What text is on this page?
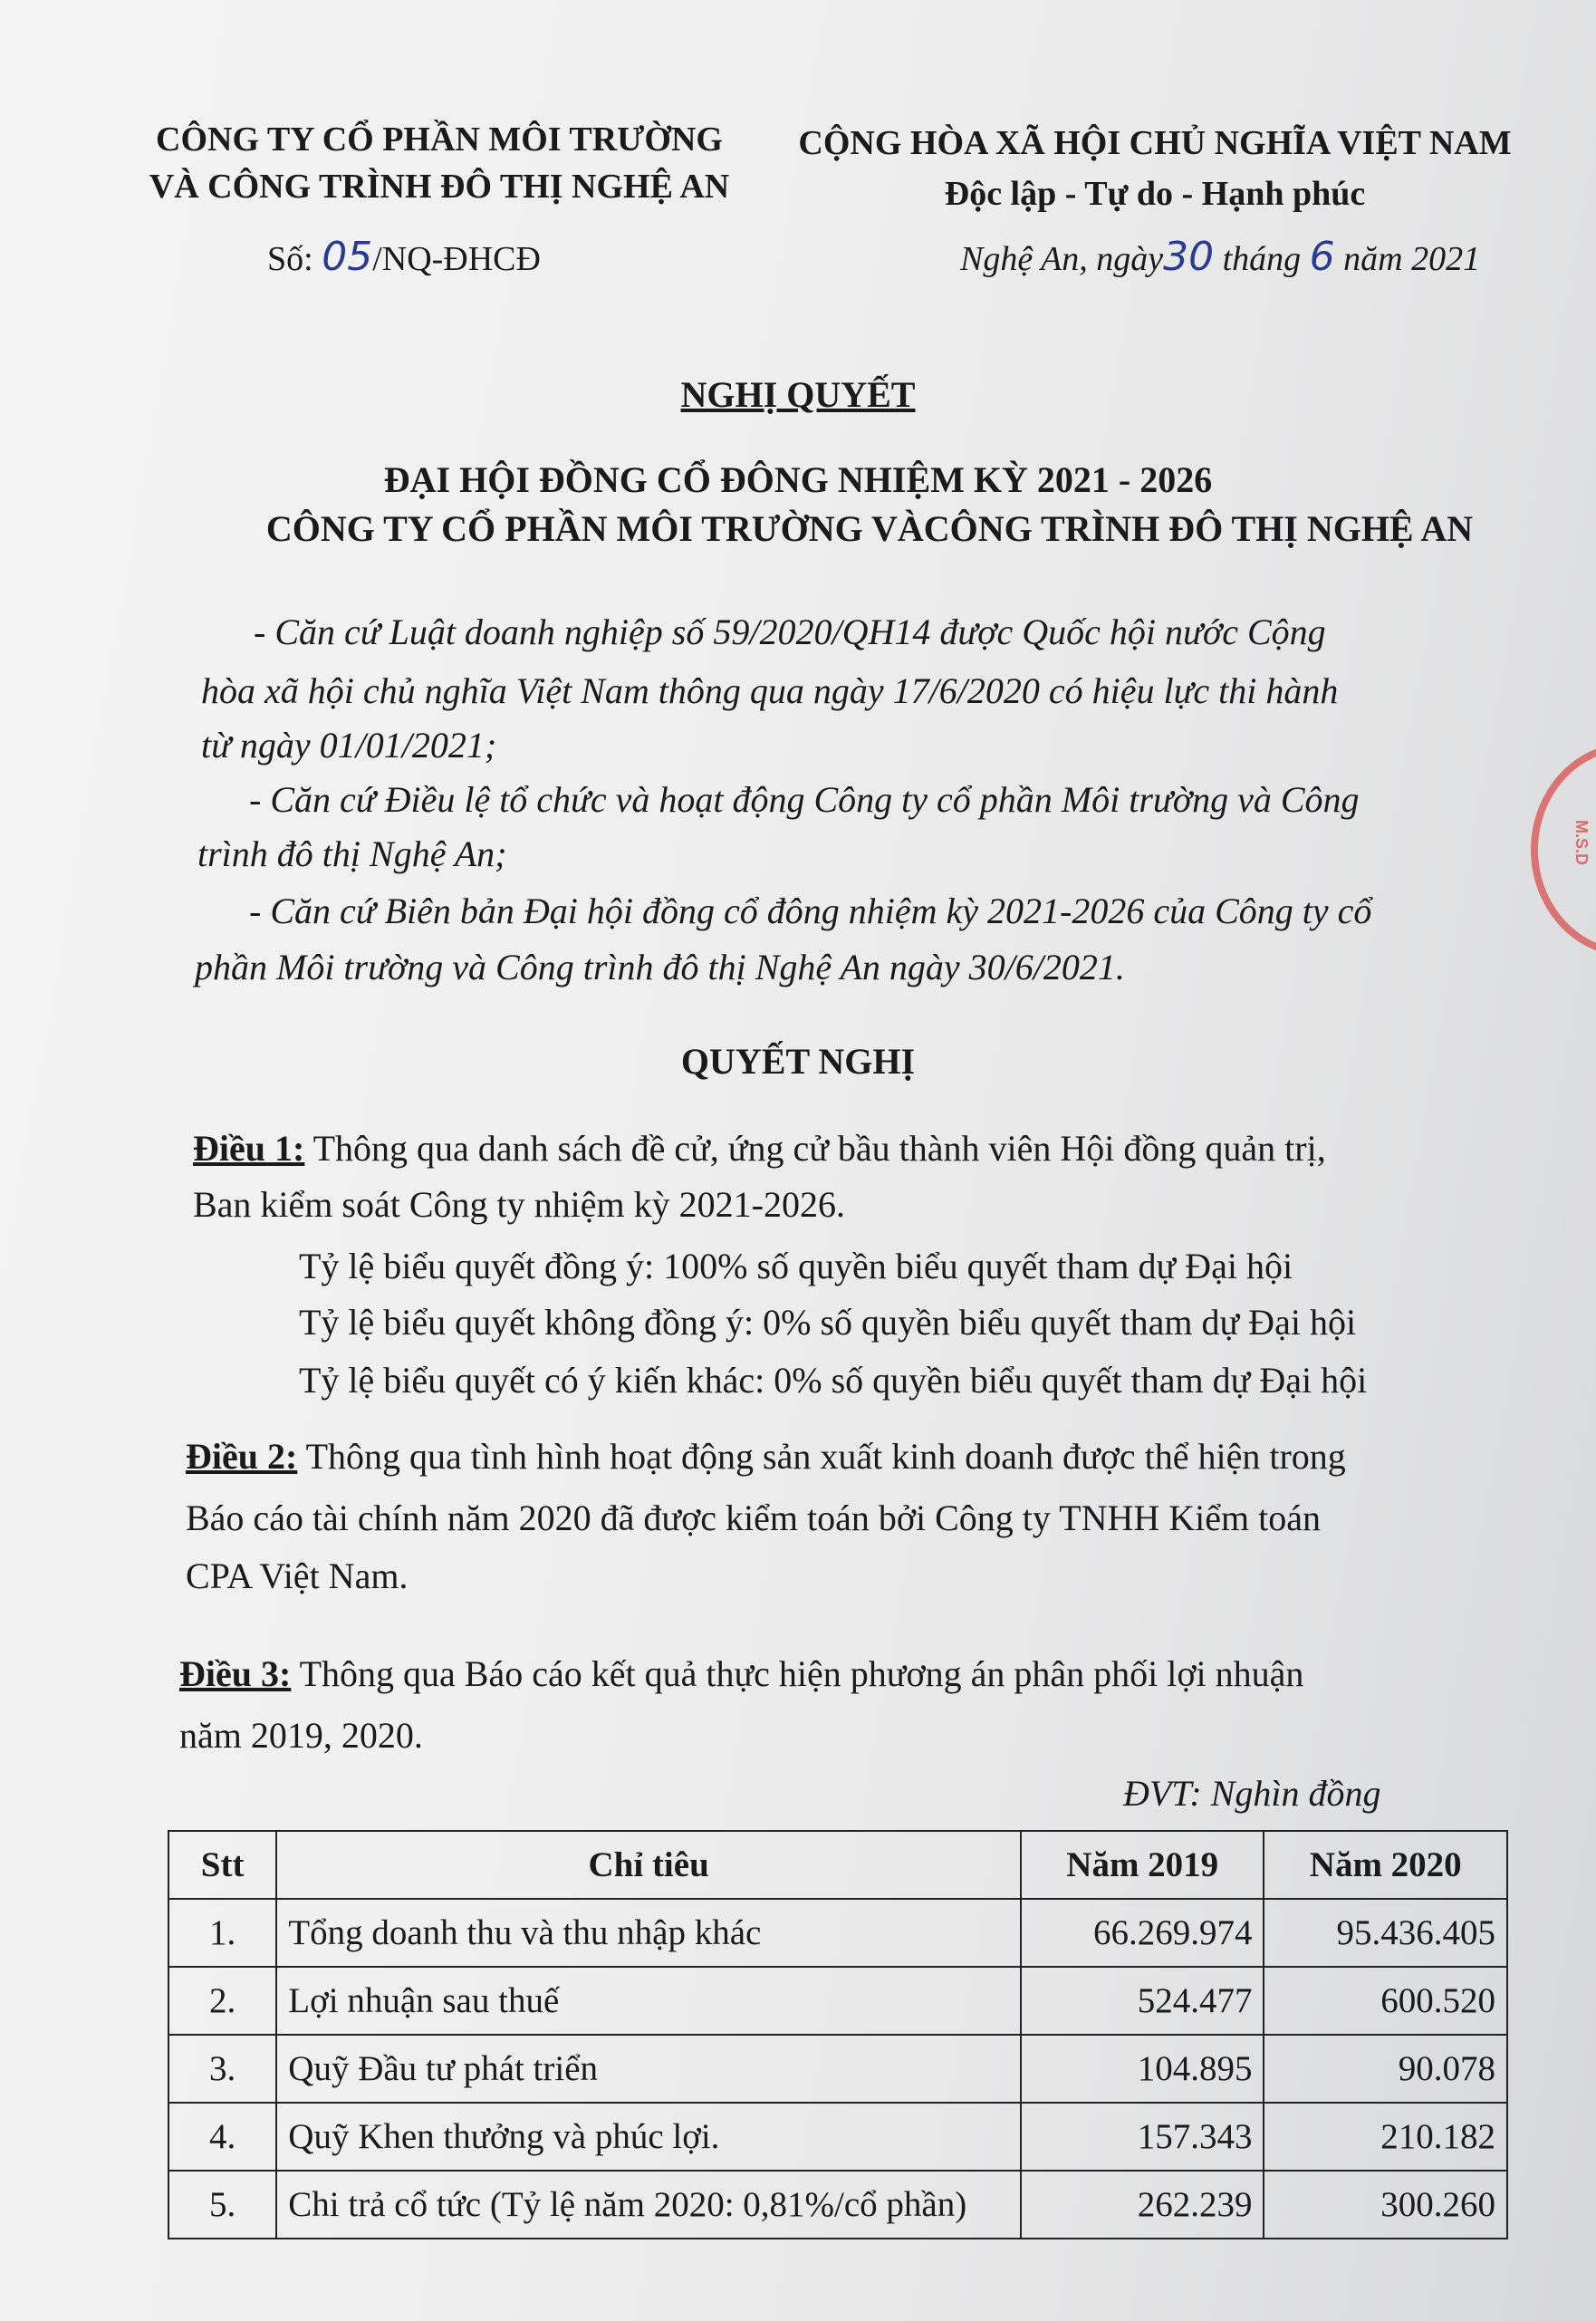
M.S.D
CÔNG TY CỔ PHẦN MÔI TRƯỜNG
VÀ CÔNG TRÌNH ĐÔ THỊ NGHỆ AN
CỘNG HÒA XÃ HỘI CHỦ NGHĨA VIỆT NAM
Độc lập - Tự do - Hạnh phúc
Số: 05/NQ-ĐHCĐ	Nghệ An, ngày30 tháng 6 năm 2021
NGHỊ QUYẾT
ĐẠI HỘI ĐỒNG CỔ ĐÔNG NHIỆM KỲ 2021 - 2026
CÔNG TY CỔ PHẦN MÔI TRƯỜNG VÀCÔNG TRÌNH ĐÔ THỊ NGHỆ AN
- Căn cứ Luật doanh nghiệp số 59/2020/QH14 được Quốc hội nước Cộng
hòa xã hội chủ nghĩa Việt Nam thông qua ngày 17/6/2020 có hiệu lực thi hành
từ ngày 01/01/2021;
- Căn cứ Điều lệ tổ chức và hoạt động Công ty cổ phần Môi trường và Công
trình đô thị Nghệ An;
- Căn cứ Biên bản Đại hội đồng cổ đông nhiệm kỳ 2021-2026 của Công ty cổ
phần Môi trường và Công trình đô thị Nghệ An ngày 30/6/2021.
QUYẾT NGHỊ
Điều 1: Thông qua danh sách đề cử, ứng cử bầu thành viên Hội đồng quản trị,
Ban kiểm soát Công ty nhiệm kỳ 2021-2026.
Tỷ lệ biểu quyết đồng ý: 100% số quyền biểu quyết tham dự Đại hội
Tỷ lệ biểu quyết không đồng ý: 0% số quyền biểu quyết tham dự Đại hội
Tỷ lệ biểu quyết có ý kiến khác: 0% số quyền biểu quyết tham dự Đại hội
Điều 2: Thông qua tình hình hoạt động sản xuất kinh doanh được thể hiện trong
Báo cáo tài chính năm 2020 đã được kiểm toán bởi Công ty TNHH Kiểm toán
CPA Việt Nam.
Điều 3: Thông qua Báo cáo kết quả thực hiện phương án phân phối lợi nhuận
năm 2019, 2020.
ĐVT: Nghìn đồng
Stt	Chỉ tiêu	Năm 2019	Năm 2020
1.	Tổng doanh thu và thu nhập khác	66.269.974	95.436.405
2.	Lợi nhuận sau thuế	524.477	600.520
3.	Quỹ Đầu tư phát triển	104.895	90.078
4.	Quỹ Khen thưởng và phúc lợi.	157.343	210.182
5.	Chi trả cổ tức (Tỷ lệ năm 2020: 0,81%/cổ phần)	262.239	300.260
